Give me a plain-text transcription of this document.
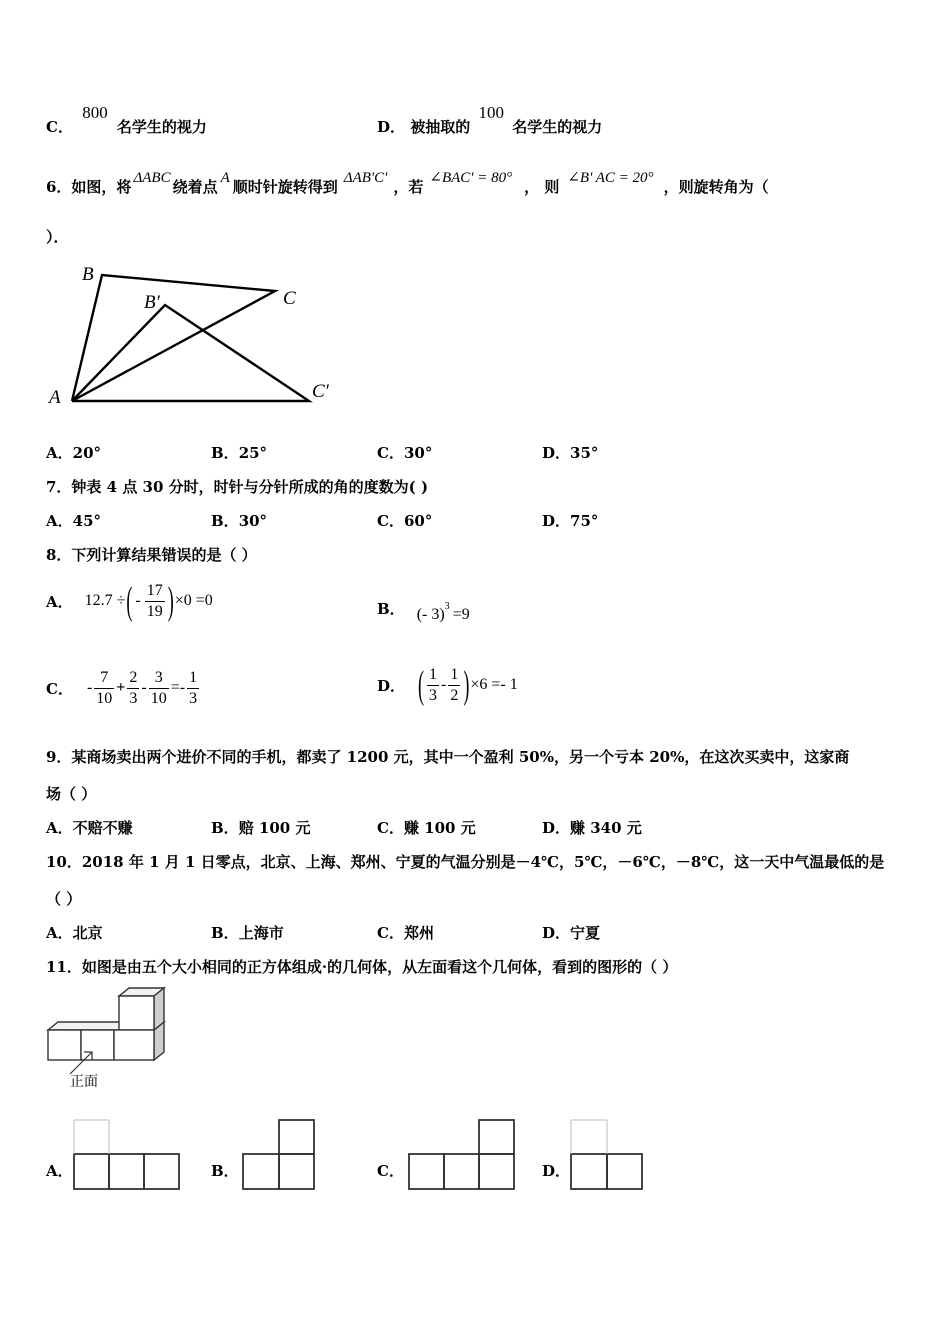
C． 800 名学生的视力	D． 被抽取的 100 名学生的视力
6．如图，将 ΔABC 绕着点 A 顺时针旋转得到 ΔAB'C' ，若 ∠BAC' = 80° ， 则 ∠B' AC = 20° ，则旋转角为（
）．
B
B′	C
A	C′
A．20°	B．25°	C．30°	D．35°
7．钟表 4 点 30 分时，时针与分针所成的角的度数为( )
A．45°	B．30°	C．60°	D．75°
8．下列计算结果错误的是（ ）
A． 12.7 ÷ ( - $\frac{17}{19}$ ) ×0 =0	B． (- 3) 3 =9
C． - $\frac{7}{10} + \frac{2}{3} - \frac{3}{10} =- \frac{1}{3}$	D． ( $\frac{1}{3} - \frac{1}{2}$ ) ×6 =- 1
9．某商场卖出两个进价不同的手机，都卖了 1200 元，其中一个盈利 50%，另一个亏本 20%，在这次买卖中，这家商
场（ ）
A．不赔不赚	B．赔 100 元	C．赚 100 元	D．赚 340 元
10．2018 年 1 月 1 日零点，北京、上海、郑州、宁夏的气温分别是－4℃，5℃，－6℃，－8℃，这一天中气温最低的是
（ ）
A．北京	B．上海市	C．郑州	D．宁夏
11．如图是由五个大小相同的正方体组成·的几何体，从左面看这个几何体，看到的图形的（ ）
正面
A．	B．	C．	D．
